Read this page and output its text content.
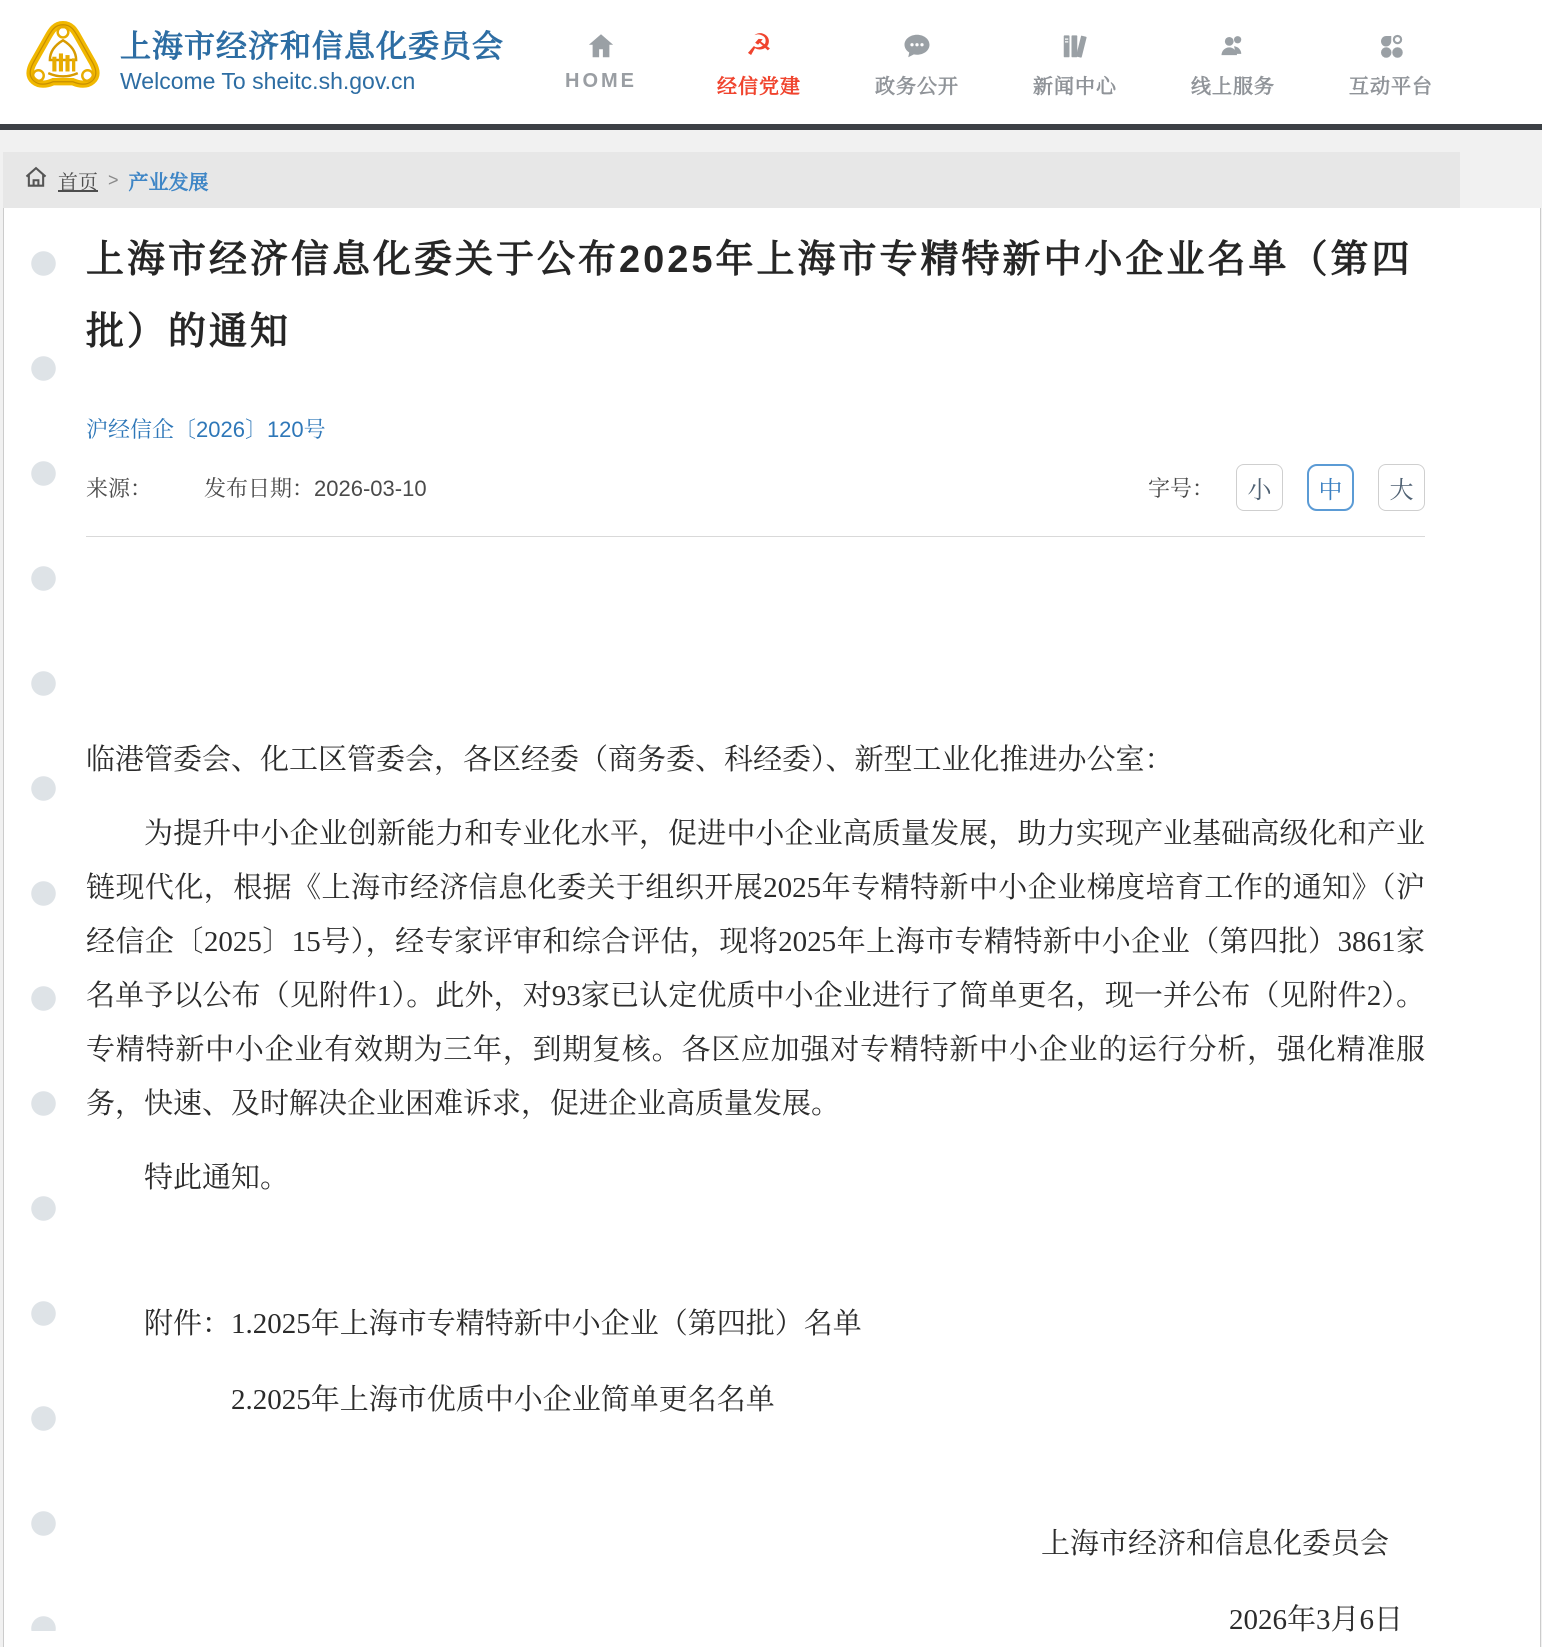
上海市经济和信息化委员会
Welcome To sheitc.sh.gov.cn	HOME
☭
经信党建	政务公开	新闻中心	线上服务	互动平台
首页 > 产业发展
上海市经济信息化委关于公布2025年上海市专精特新中小企业名单（第四批）的通知
沪经信企〔2026〕120号
来源： 发布日期：2026-03-10	字号：	小	中	大

临港管委会、化工区管委会，各区经委（商务委、科经委）、新型工业化推进办公室：

为提升中小企业创新能力和专业化水平，促进中小企业高质量发展，助力实现产业基础高级化和产业链现代化，根据《上海市经济信息化委关于组织开展2025年专精特新中小企业梯度培育工作的通知》（沪经信企〔2025〕15号），经专家评审和综合评估，现将2025年上海市专精特新中小企业（第四批）3861家名单予以公布（见附件1）。此外，对93家已认定优质中小企业进行了简单更名，现一并公布（见附件2）。专精特新中小企业有效期为三年，到期复核。各区应加强对专精特新中小企业的运行分析，强化精准服务，快速、及时解决企业困难诉求，促进企业高质量发展。

特此通知。

附件：1.2025年上海市专精特新中小企业（第四批）名单

2.2025年上海市优质中小企业简单更名名单

上海市经济和信息化委员会

2026年3月6日
